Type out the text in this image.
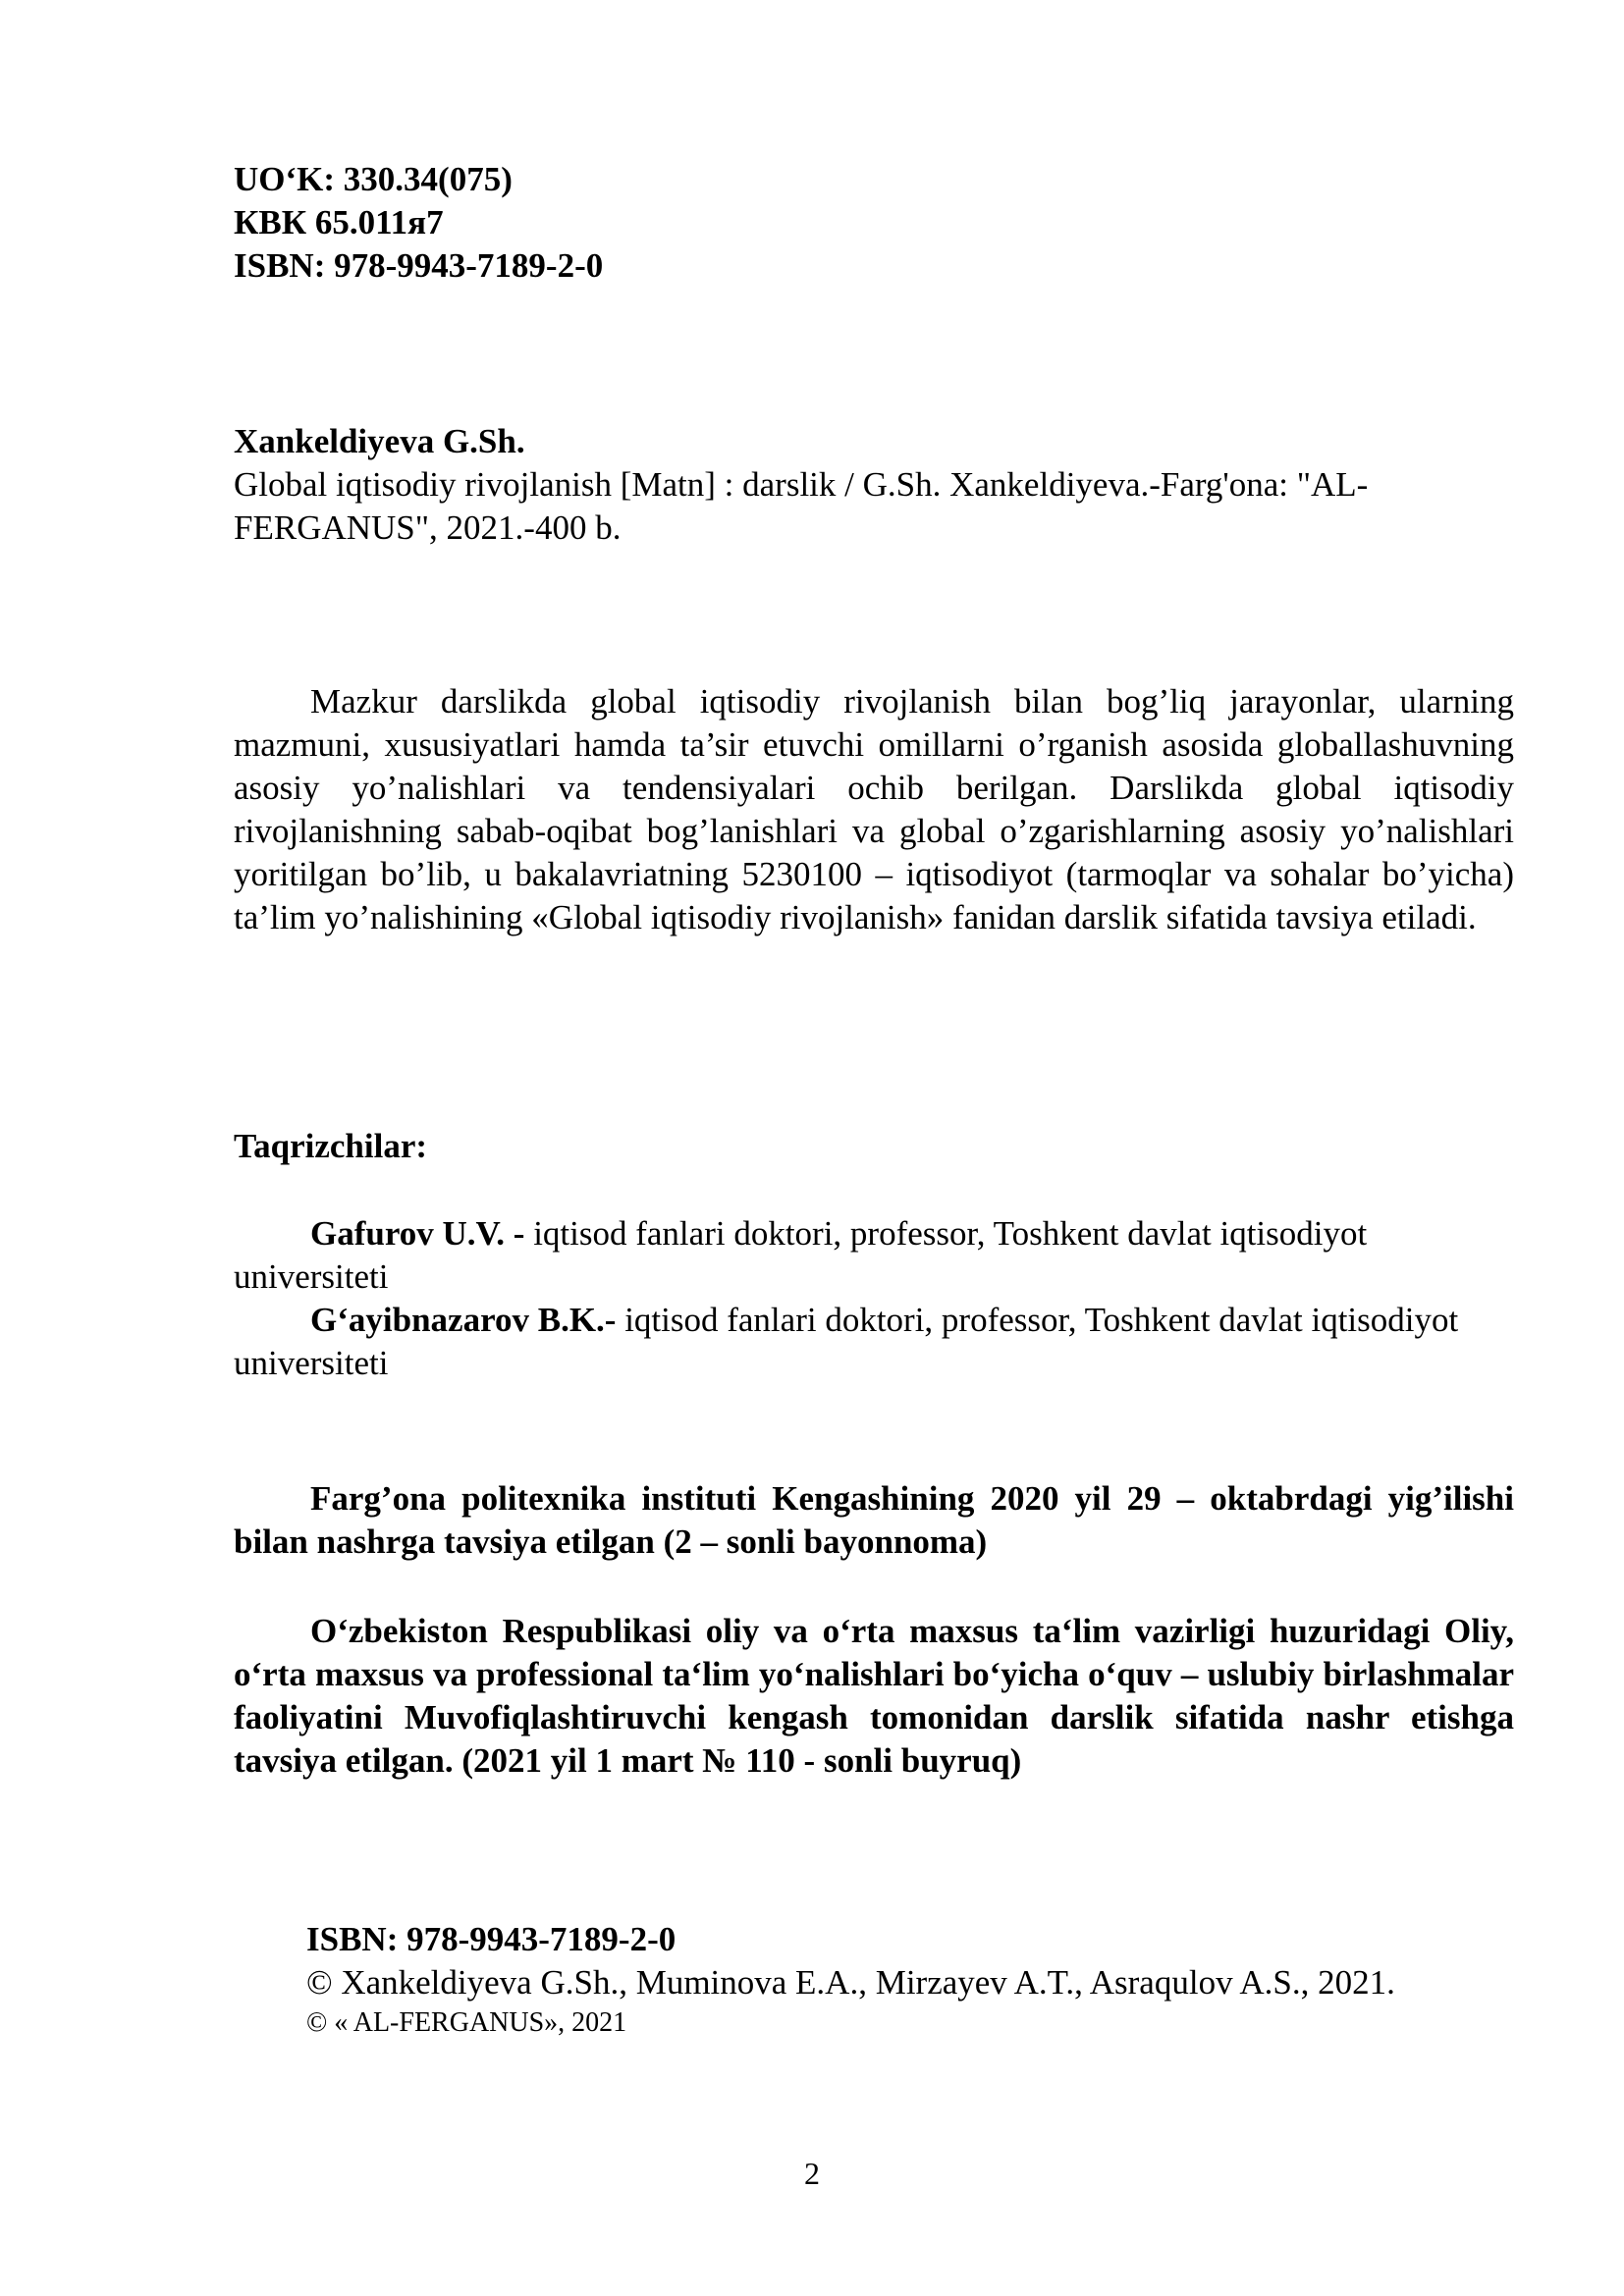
UO‘K: 330.34(075)
КВК 65.011я7
ISBN: 978-9943-7189-2-0
Xankeldiyeva G.Sh.
Global iqtisodiy rivojlanish [Matn] : darslik / G.Sh. Xankeldiyeva.-Farg'ona: "AL-FERGANUS", 2021.-400 b.
Mazkur darslikda global iqtisodiy rivojlanish bilan bog’liq jarayonlar, ularning mazmuni, xususiyatlari hamda ta’sir etuvchi omillarni o’rganish asosida globallashuvning asosiy yo’nalishlari va tendensiyalari ochib berilgan. Darslikda global iqtisodiy rivojlanishning sabab-oqibat bog’lanishlari va global o’zgarishlarning asosiy yo’nalishlari yoritilgan bo’lib, u bakalavriatning 5230100 – iqtisodiyot (tarmoqlar va sohalar bo’yicha) ta’lim yo’nalishining «Global iqtisodiy rivojlanish» fanidan darslik sifatida tavsiya etiladi.
Taqrizchilar:
Gafurov U.V. - iqtisod fanlari doktori, professor, Toshkent davlat iqtisodiyot universiteti
G‘ayibnazarov B.K.- iqtisod fanlari doktori, professor, Toshkent davlat iqtisodiyot universiteti
Farg’ona politexnika instituti Kengashining 2020 yil 29 – oktabrdagi yig’ilishi bilan nashrga tavsiya etilgan (2 – sonli bayonnoma)
O‘zbekiston Respublikasi oliy va o‘rta maxsus ta‘lim vazirligi huzuridagi Oliy, o‘rta maxsus va professional ta‘lim yo‘nalishlari bo‘yicha o‘quv – uslubiy birlashmalar faoliyatini Muvofiqlashtiruvchi kengash tomonidan darslik sifatida nashr etishga tavsiya etilgan. (2021 yil 1 mart № 110 - sonli buyruq)
ISBN: 978-9943-7189-2-0
© Xankeldiyeva G.Sh., Muminova E.A., Mirzayev A.T., Asraqulov A.S., 2021.
© « AL-FERGANUS», 2021
2
